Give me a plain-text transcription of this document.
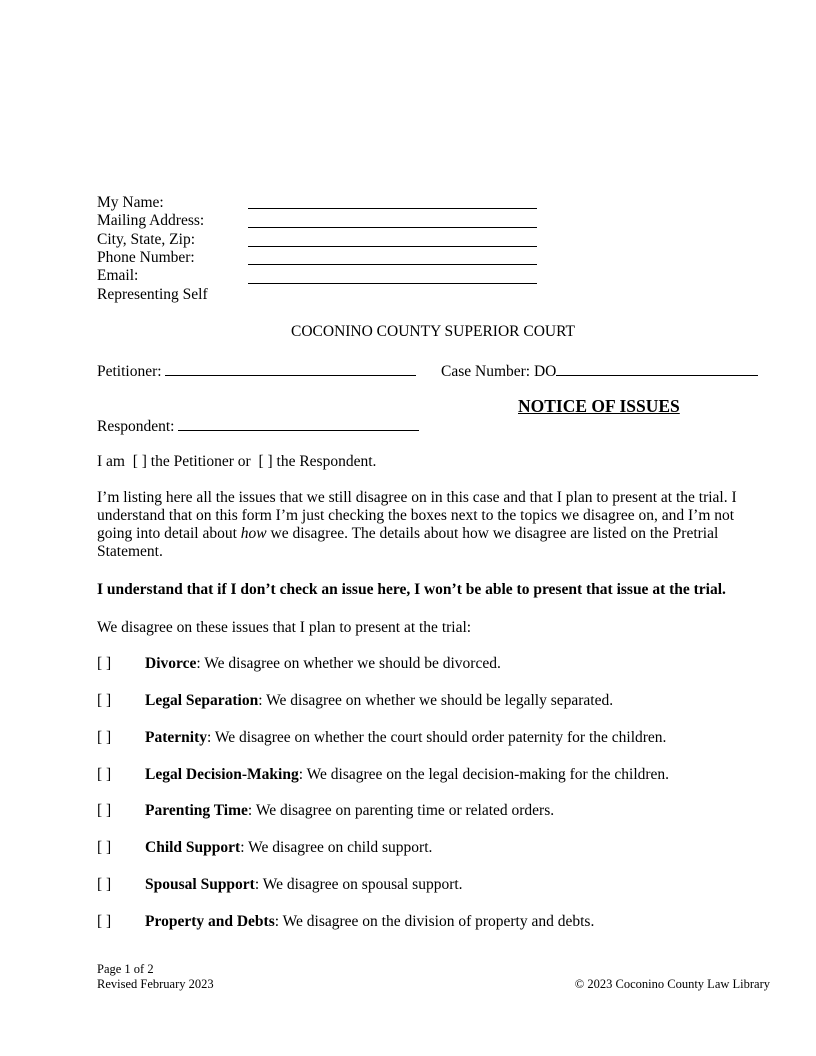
My Name:
Mailing Address:
City, State, Zip:
Phone Number:
Email:
Representing Self
COCONINO COUNTY SUPERIOR COURT
Petitioner:	Case Number: DO
NOTICE OF ISSUES
Respondent:
I am [ ] the Petitioner or [ ] the Respondent.
I’m listing here all the issues that we still disagree on in this case and that I plan to present at the trial. I understand that on this form I’m just checking the boxes next to the topics we disagree on, and I’m not going into detail about how we disagree. The details about how we disagree are listed on the Pretrial Statement.
I understand that if I don’t check an issue here, I won’t be able to present that issue at the trial.
We disagree on these issues that I plan to present at the trial:
[ ] Divorce: We disagree on whether we should be divorced.
[ ] Legal Separation: We disagree on whether we should be legally separated.
[ ] Paternity: We disagree on whether the court should order paternity for the children.
[ ] Legal Decision-Making: We disagree on the legal decision-making for the children.
[ ] Parenting Time: We disagree on parenting time or related orders.
[ ] Child Support: We disagree on child support.
[ ] Spousal Support: We disagree on spousal support.
[ ] Property and Debts: We disagree on the division of property and debts.
Page 1 of 2
Revised February 2023	© 2023 Coconino County Law Library
